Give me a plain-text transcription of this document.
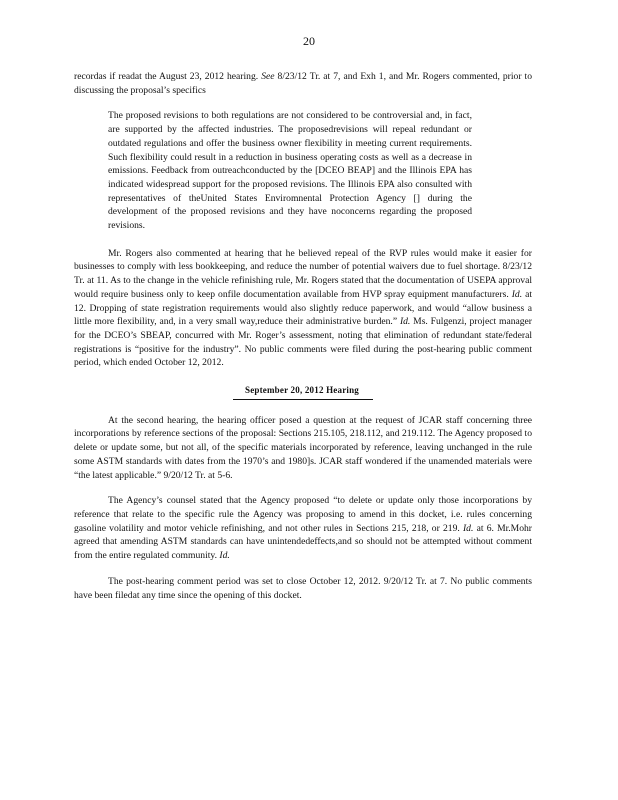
20

recordas if readat the August 23, 2012 hearing. See 8/23/12 Tr. at 7, and Exh 1, and Mr. Rogers commented, prior to discussing the proposal’s specifics

The proposed revisions to both regulations are not considered to be controversial and, in fact, are supported by the affected industries. The proposedrevisions will repeal redundant or outdated regulations and offer the business owner flexibility in meeting current requirements. Such flexibility could result in a reduction in business operating costs as well as a decrease in emissions. Feedback from outreachconducted by the [DCEO BEAP] and the Illinois EPA has indicated widespread support for the proposed revisions. The Illinois EPA also consulted with representatives of theUnited States Enviromnental Protection Agency [] during the development of the proposed revisions and they have noconcerns regarding the proposed revisions.

Mr. Rogers also commented at hearing that he believed repeal of the RVP rules would make it easier for businesses to comply with less bookkeeping, and reduce the number of potential waivers due to fuel shortage. 8/23/12 Tr. at 11. As to the change in the vehicle refinishing rule, Mr. Rogers stated that the documentation of USEPA approval would require business only to keep onfile documentation available from HVP spray equipment manufacturers. Id. at 12. Dropping of state registration requirements would also slightly reduce paperwork, and would “allow business a little more flexibility, and, in a very small way,reduce their administrative burden.” Id. Ms. Fulgenzi, project manager for the DCEO’s SBEAP, concurred with Mr. Roger’s assessment, noting that elimination of redundant state/federal registrations is “positive for the industry”. No public comments were filed during the post-hearing public comment period, which ended October 12, 2012.

September 20, 2012 Hearing

At the second hearing, the hearing officer posed a question at the request of JCAR staff concerning three incorporations by reference sections of the proposal: Sections 215.105, 218.112, and 219.112. The Agency proposed to delete or update some, but not all, of the specific materials incorporated by reference, leaving unchanged in the rule some ASTM standards with dates from the 1970’s and 1980]s. JCAR staff wondered if the unamended materials were “the latest applicable.” 9/20/12 Tr. at 5-6.

The Agency’s counsel stated that the Agency proposed “to delete or update only those incorporations by reference that relate to the specific rule the Agency was proposing to amend in this docket, i.e. rules concerning gasoline volatility and motor vehicle refinishing, and not other rules in Sections 215, 218, or 219. Id. at 6. Mr.Mohr agreed that amending ASTM standards can have unintendedeffects,and so should not be attempted without comment from the entire regulated community. Id.

The post-hearing comment period was set to close October 12, 2012. 9/20/12 Tr. at 7. No public comments have been filedat any time since the opening of this docket.
